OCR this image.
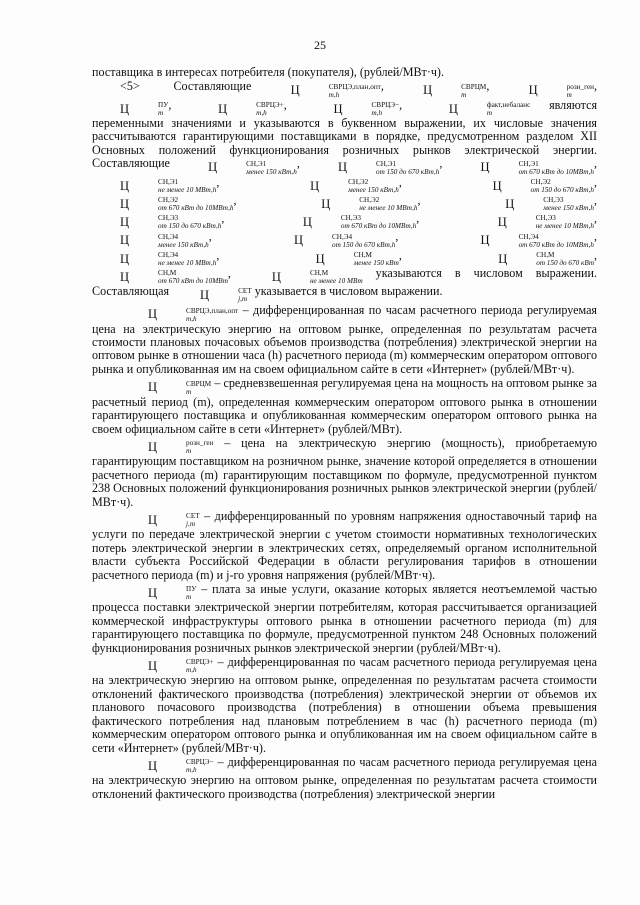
25

поставщика в интересах потребителя (покупателя), (рублей/МВт·ч).

<5>	Составляющие	Ц	СВРЦЭ,план,опт
m,h
,	Ц	СВРЦМ
m
,	Ц	розн_ген
m
,
Ц	ПУ
m
,	Ц	СВРЦЭ+
m,h
,	Ц	СВРЦЭ−
m,h
,	Ц	факт,небаланс
m
являются переменными значениями и указываются в буквенном выражении, их числовые значения рассчитываются гарантирующими поставщиками в порядке, предусмотренном разделом XII Основных положений функционирования розничных рынков электрической энергии. Составляющие	Ц	СН,Э1
менее 150 кВт,h
,	Ц	СН,Э1
от 150 до 670 кВт,h
,	Ц	СН,Э1
от 670 кВт до 10МВт,h
,
Ц	СН,Э1
не менее 10 МВт,h
,	Ц	СН,Э2
менее 150 кВт,h
,	Ц	СН,Э2
от 150 до 670 кВт,h
,
Ц	СН,Э2
от 670 кВт до 10МВт,h
,	Ц	СН,Э2
не менее 10 МВт,h
,	Ц	СН,Э3
менее 150 кВт,h
,
Ц	СН,Э3
от 150 до 670 кВт,h
,	Ц	СН,Э3
от 670 кВт до 10МВт,h
,	Ц	СН,Э3
не менее 10 МВт,h
,
Ц	СН,Э4
менее 150 кВт,h
,	Ц	СН,Э4
от 150 до 670 кВт,h
,	Ц	СН,Э4
от 670 кВт до 10МВт,h
,
Ц	СН,Э4
не менее 10 МВт,h
,	Ц	СН,М
менее 150 кВт
,	Ц	СН,М
от 150 до 670 кВт
,
Ц	СН,М
от 670 кВт до 10МВт
,	Ц	СН,М
не менее 10 МВт
указываются в числовом выражении. Составляющая	Ц	СЕТ
j,m
указывается в числовом выражении.

Ц	СВРЦЭ,план,опт
m,h
– дифференцированная по часам расчетного периода регулируемая цена на электрическую энергию на оптовом рынке, определенная по результатам расчета стоимости плановых почасовых объемов производства (потребления) электрической энергии на оптовом рынке в отношении часа (h) расчетного периода (m) коммерческим оператором оптового рынка и опубликованная им на своем официальном сайте в сети «Интернет» (рублей/МВт·ч).

Ц	СВРЦМ
m
– средневзвешенная регулируемая цена на мощность на оптовом рынке за расчетный период (m), определенная коммерческим оператором оптового рынка в отношении гарантирующего поставщика и опубликованная коммерческим оператором оптового рынка на своем официальном сайте в сети «Интернет» (рублей/МВт).

Ц	розн_ген
m
– цена на электрическую энергию (мощность), приобретаемую гарантирующим поставщиком на розничном рынке, значение которой определяется в отношении расчетного периода (m) гарантирующим поставщиком по формуле, предусмотренной пунктом 238 Основных положений функционирования розничных рынков электрической энергии (рублей/МВт·ч).

Ц	СЕТ
j,m
– дифференцированный по уровням напряжения одноставочный тариф на услуги по передаче электрической энергии с учетом стоимости нормативных технологических потерь электрической энергии в электрических сетях, определяемый органом исполнительной власти субъекта Российской Федерации в области регулирования тарифов в отношении расчетного периода (m) и j-го уровня напряжения (рублей/МВт·ч).

Ц	ПУ
m
– плата за иные услуги, оказание которых является неотъемлемой частью процесса поставки электрической энергии потребителям, которая рассчитывается организацией коммерческой инфраструктуры оптового рынка в отношении расчетного периода (m) для гарантирующего поставщика по формуле, предусмотренной пунктом 248 Основных положений функционирования розничных рынков электрической энергии (рублей/МВт·ч).

Ц	СВРЦЭ+
m,h
– дифференцированная по часам расчетного периода регулируемая цена на электрическую энергию на оптовом рынке, определенная по результатам расчета стоимости отклонений фактического производства (потребления) электрической энергии от объемов их планового почасового производства (потребления) в отношении объема превышения фактического потребления над плановым потреблением в час (h) расчетного периода (m) коммерческим оператором оптового рынка и опубликованная им на своем официальном сайте в сети «Интернет» (рублей/МВт·ч).

Ц	СВРЦЭ−
m,h
– дифференцированная по часам расчетного периода регулируемая цена на электрическую энергию на оптовом рынке, определенная по результатам расчета стоимости отклонений фактического производства (потребления) электрической энергии
